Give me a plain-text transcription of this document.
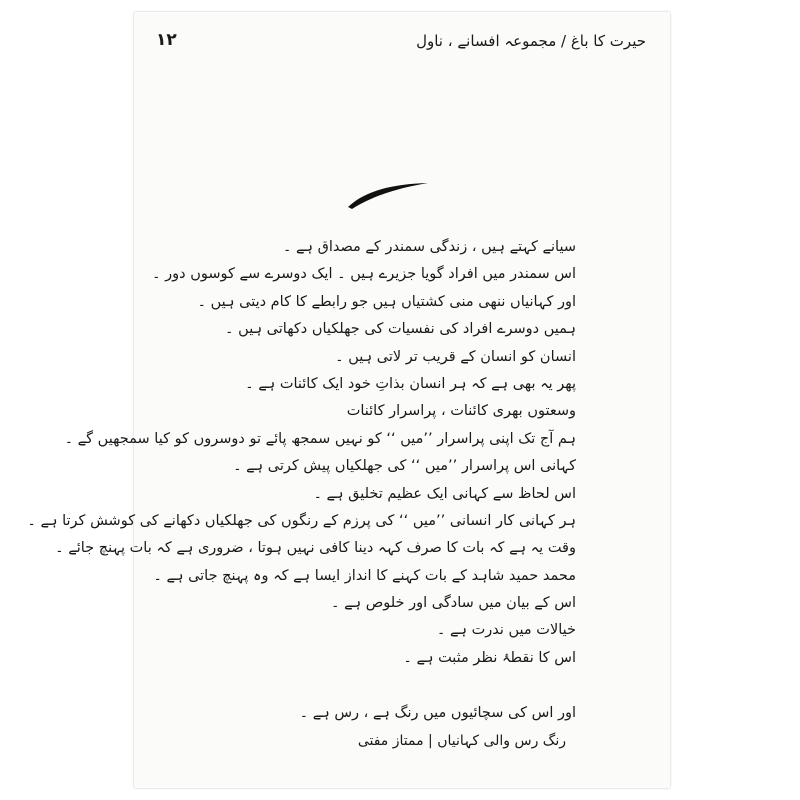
١٢	حیرت کا باغ / مجموعہ افسانے ، ناول
سیانے کہتے ہیں ، زندگی سمندر کے مصداق ہے ۔
اس سمندر میں افراد گویا جزیرے ہیں ۔ ایک دوسرے سے کوسوں دور ۔
اور کہانیاں ننھی منی کشتیاں ہیں جو رابطے کا کام دیتی ہیں ۔
ہمیں دوسرے افراد کی نفسیات کی جھلکیاں دکھاتی ہیں ۔
انسان کو انسان کے قریب تر لاتی ہیں ۔
پھر یہ بھی ہے کہ ہر انسان بذاتِ خود ایک کائنات ہے ۔
وسعتوں بھری کائنات ، پراسرار کائنات
ہم آج تک اپنی پراسرار ’’میں ‘‘ کو نہیں سمجھ پائے تو دوسروں کو کیا سمجھیں گے ۔
کہانی اس پراسرار ’’میں ‘‘ کی جھلکیاں پیش کرتی ہے ۔
اس لحاظ سے کہانی ایک عظیم تخلیق ہے ۔
ہر کہانی کار انسانی ’’میں ‘‘ کی پرزم کے رنگوں کی جھلکیاں دکھانے کی کوشش کرتا ہے ۔
وقت یہ ہے کہ بات کا صرف کہہ دینا کافی نہیں ہوتا ، ضروری ہے کہ بات پہنچ جائے ۔
محمد حمید شاہد کے بات کہنے کا انداز ایسا ہے کہ وہ پہنچ جاتی ہے ۔
اس کے بیان میں سادگی اور خلوص ہے ۔
خیالات میں ندرت ہے ۔
اس کا نقطۂ نظر مثبت ہے ۔
اور اس کی سچائیوں میں رنگ ہے ، رس ہے ۔
رنگ رس والی کہانیاں | ممتاز مفتی
